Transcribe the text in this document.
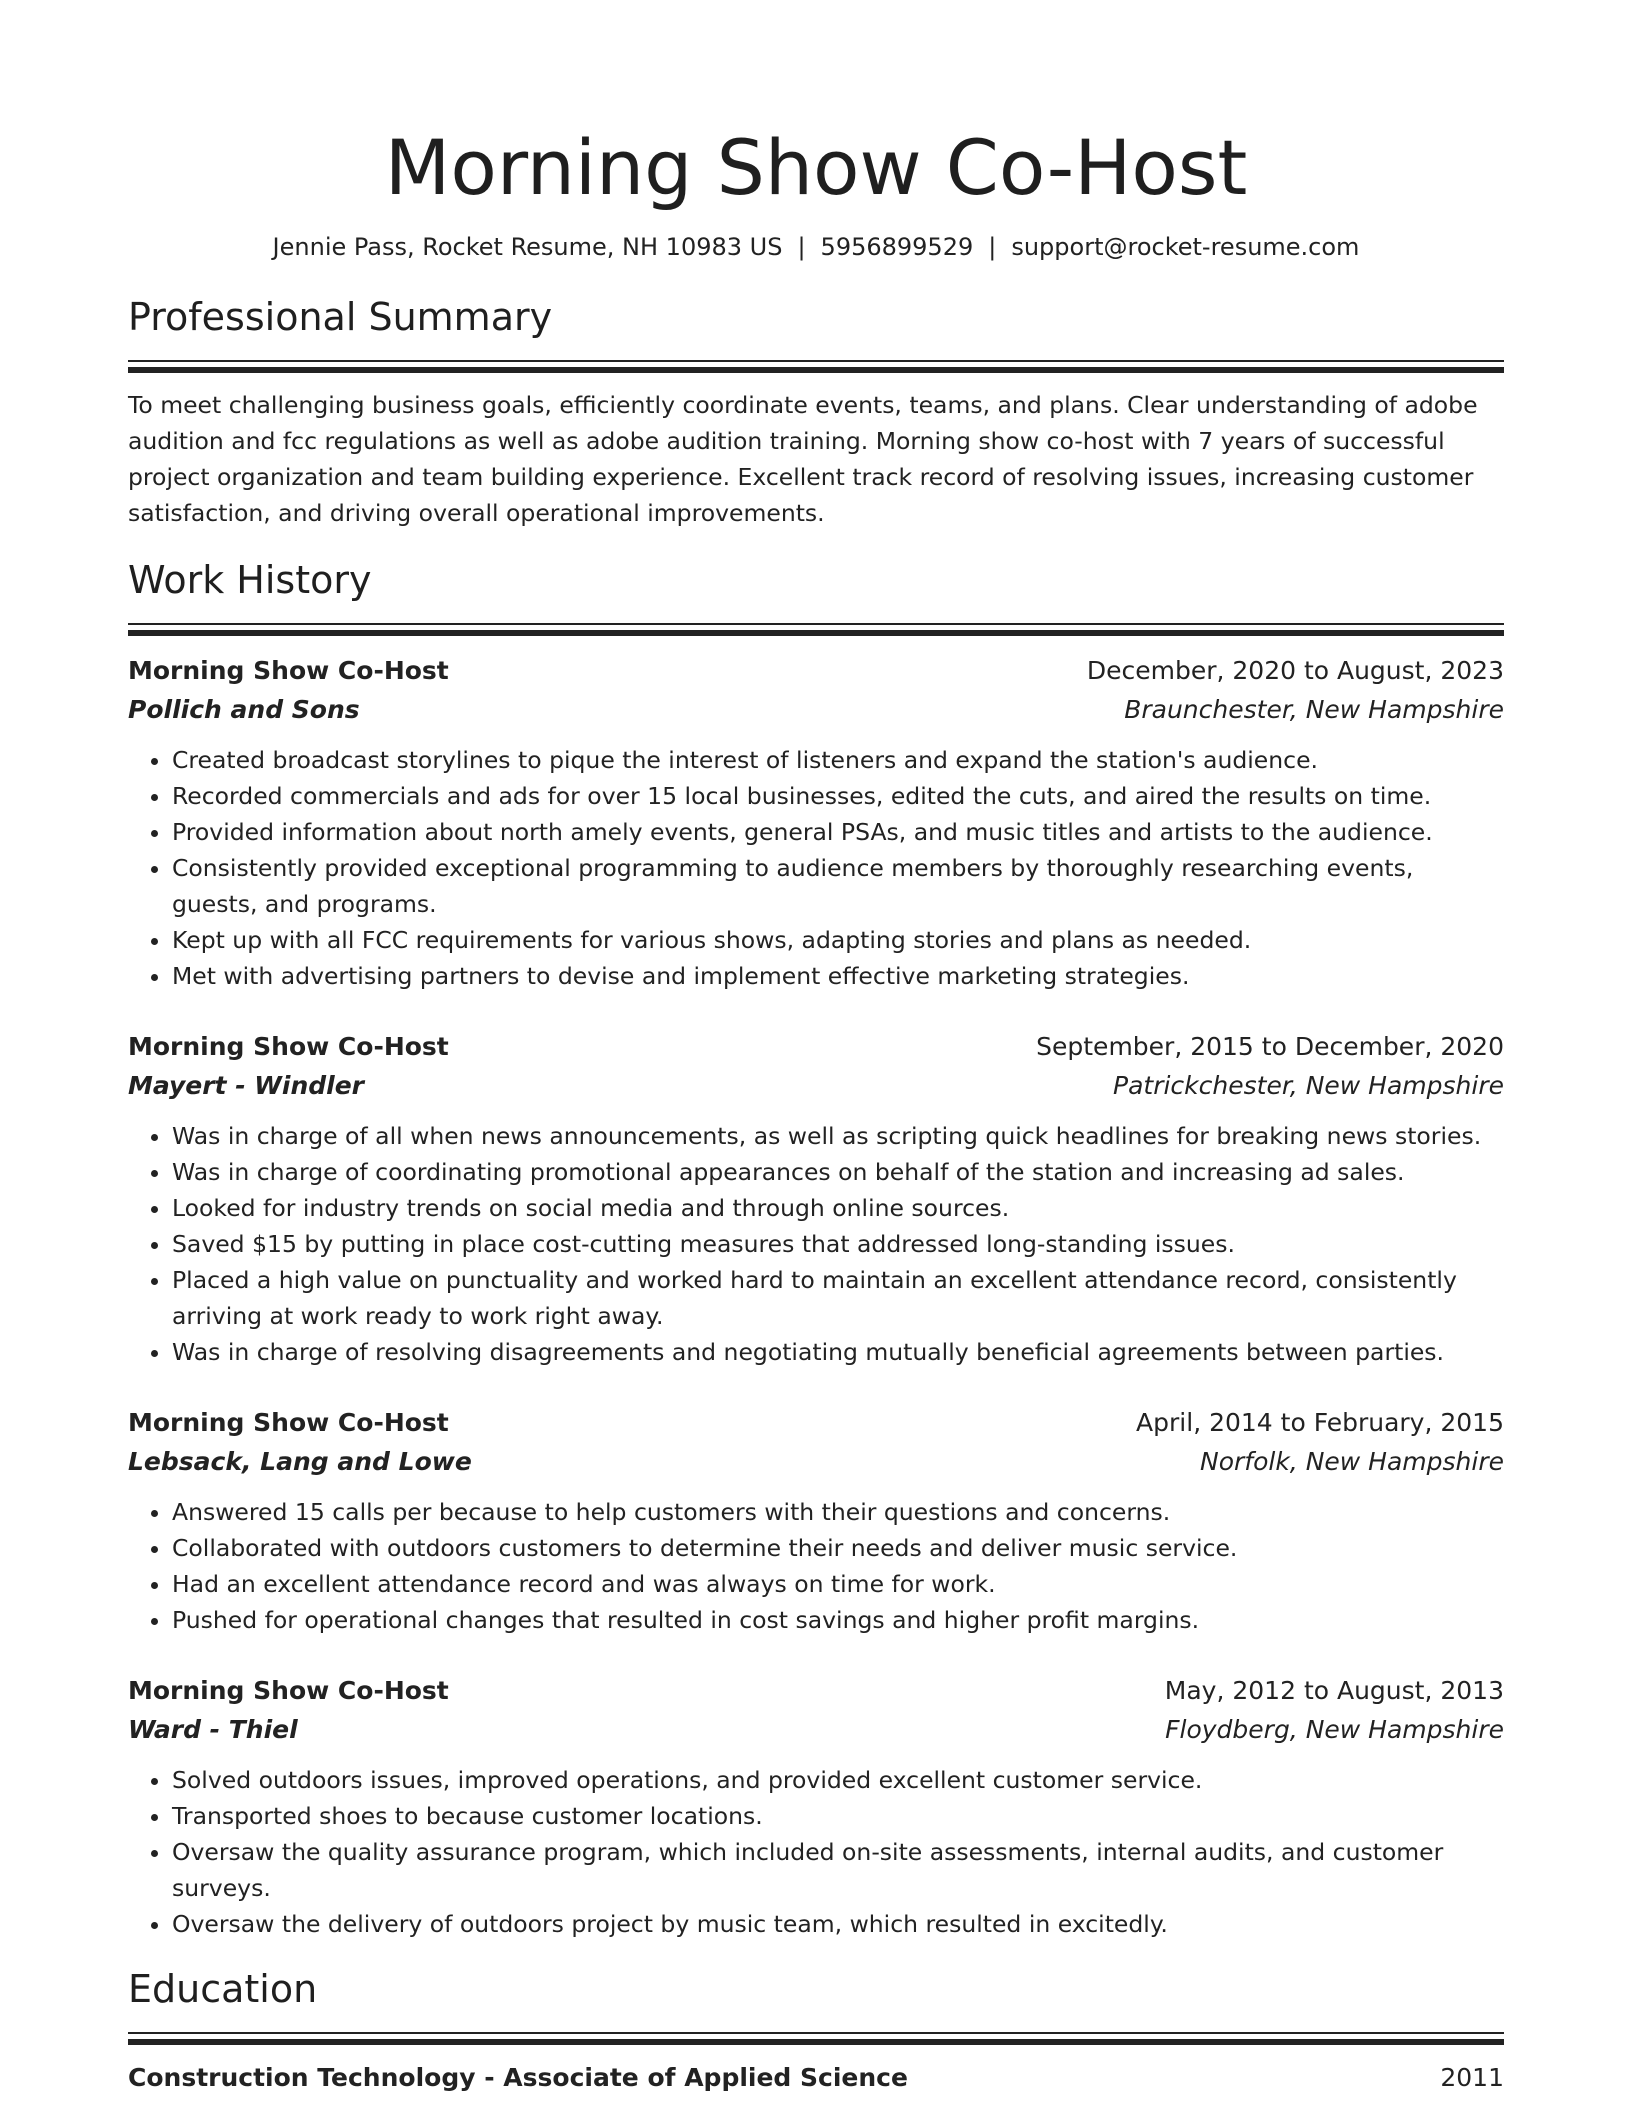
Morning Show Co-Host
Jennie Pass, Rocket Resume, NH 10983 US | 5956899529 | support@rocket-resume.com
Professional Summary

To meet challenging business goals, efficiently coordinate events, teams, and plans. Clear understanding of adobe audition and fcc regulations as well as adobe audition training. Morning show co-host with 7 years of successful project organization and team building experience. Excellent track record of resolving issues, increasing customer satisfaction, and driving overall operational improvements.

Work History
Morning Show Co-Host	December, 2020 to August, 2023
Pollich and Sons	Braunchester, New Hampshire
• Created broadcast storylines to pique the interest of listeners and expand the station's audience.
• Recorded commercials and ads for over 15 local businesses, edited the cuts, and aired the results on time.
• Provided information about north amely events, general PSAs, and music titles and artists to the audience.
• Consistently provided exceptional programming to audience members by thoroughly researching events, guests, and programs.
• Kept up with all FCC requirements for various shows, adapting stories and plans as needed.
• Met with advertising partners to devise and implement effective marketing strategies.
Morning Show Co-Host	September, 2015 to December, 2020
Mayert - Windler	Patrickchester, New Hampshire
• Was in charge of all when news announcements, as well as scripting quick headlines for breaking news stories.
• Was in charge of coordinating promotional appearances on behalf of the station and increasing ad sales.
• Looked for industry trends on social media and through online sources.
• Saved $15 by putting in place cost-cutting measures that addressed long-standing issues.
• Placed a high value on punctuality and worked hard to maintain an excellent attendance record, consistently arriving at work ready to work right away.
• Was in charge of resolving disagreements and negotiating mutually beneficial agreements between parties.
Morning Show Co-Host	April, 2014 to February, 2015
Lebsack, Lang and Lowe	Norfolk, New Hampshire
• Answered 15 calls per because to help customers with their questions and concerns.
• Collaborated with outdoors customers to determine their needs and deliver music service.
• Had an excellent attendance record and was always on time for work.
• Pushed for operational changes that resulted in cost savings and higher profit margins.
Morning Show Co-Host	May, 2012 to August, 2013
Ward - Thiel	Floydberg, New Hampshire
• Solved outdoors issues, improved operations, and provided excellent customer service.
• Transported shoes to because customer locations.
• Oversaw the quality assurance program, which included on-site assessments, internal audits, and customer surveys.
• Oversaw the delivery of outdoors project by music team, which resulted in excitedly.
Education
Construction Technology - Associate of Applied Science	2011
